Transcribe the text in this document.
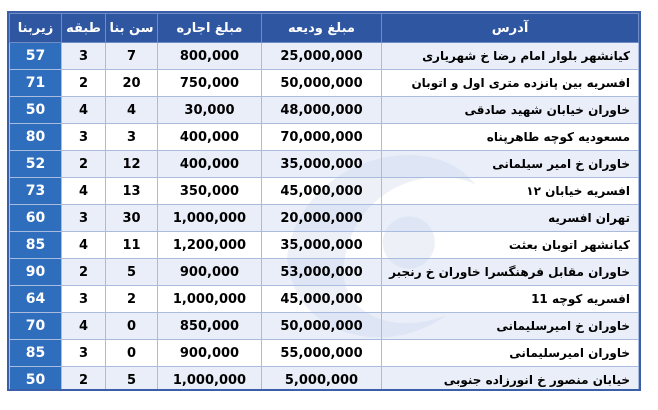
زیربنا	طبقه	سن بنا	مبلغ اجاره	مبلغ ودیعه	آدرس
57	3	7	800,000	25,000,000	کیانشهر بلوار امام رضا خ شهریاری
71	2	20	750,000	50,000,000	افسریه بین پانزده متری اول و اتوبان
50	4	4	30,000	48,000,000	خاوران خیابان شهید صادقی
80	3	3	400,000	70,000,000	مسعودیه کوچه طاهرپناه
52	2	12	400,000	35,000,000	خاوران خ امیر سیلمانی
73	4	13	350,000	45,000,000	افسریه خیابان ۱۲
60	3	30	1,000,000	20,000,000	تهران افسریه
85	4	11	1,200,000	35,000,000	کیانشهر اتوبان بعثت
90	2	5	900,000	53,000,000	خاوران مقابل فرهنگسرا خاوران خ رنجبر
64	3	2	1,000,000	45,000,000	افسریه کوچه 11
70	4	0	850,000	50,000,000	خاوران خ امیرسلیمانی
85	3	0	900,000	55,000,000	خاوران امیرسلیمانی
50	2	5	1,000,000	5,000,000	خیابان منصور خ انورزاده جنوبی
